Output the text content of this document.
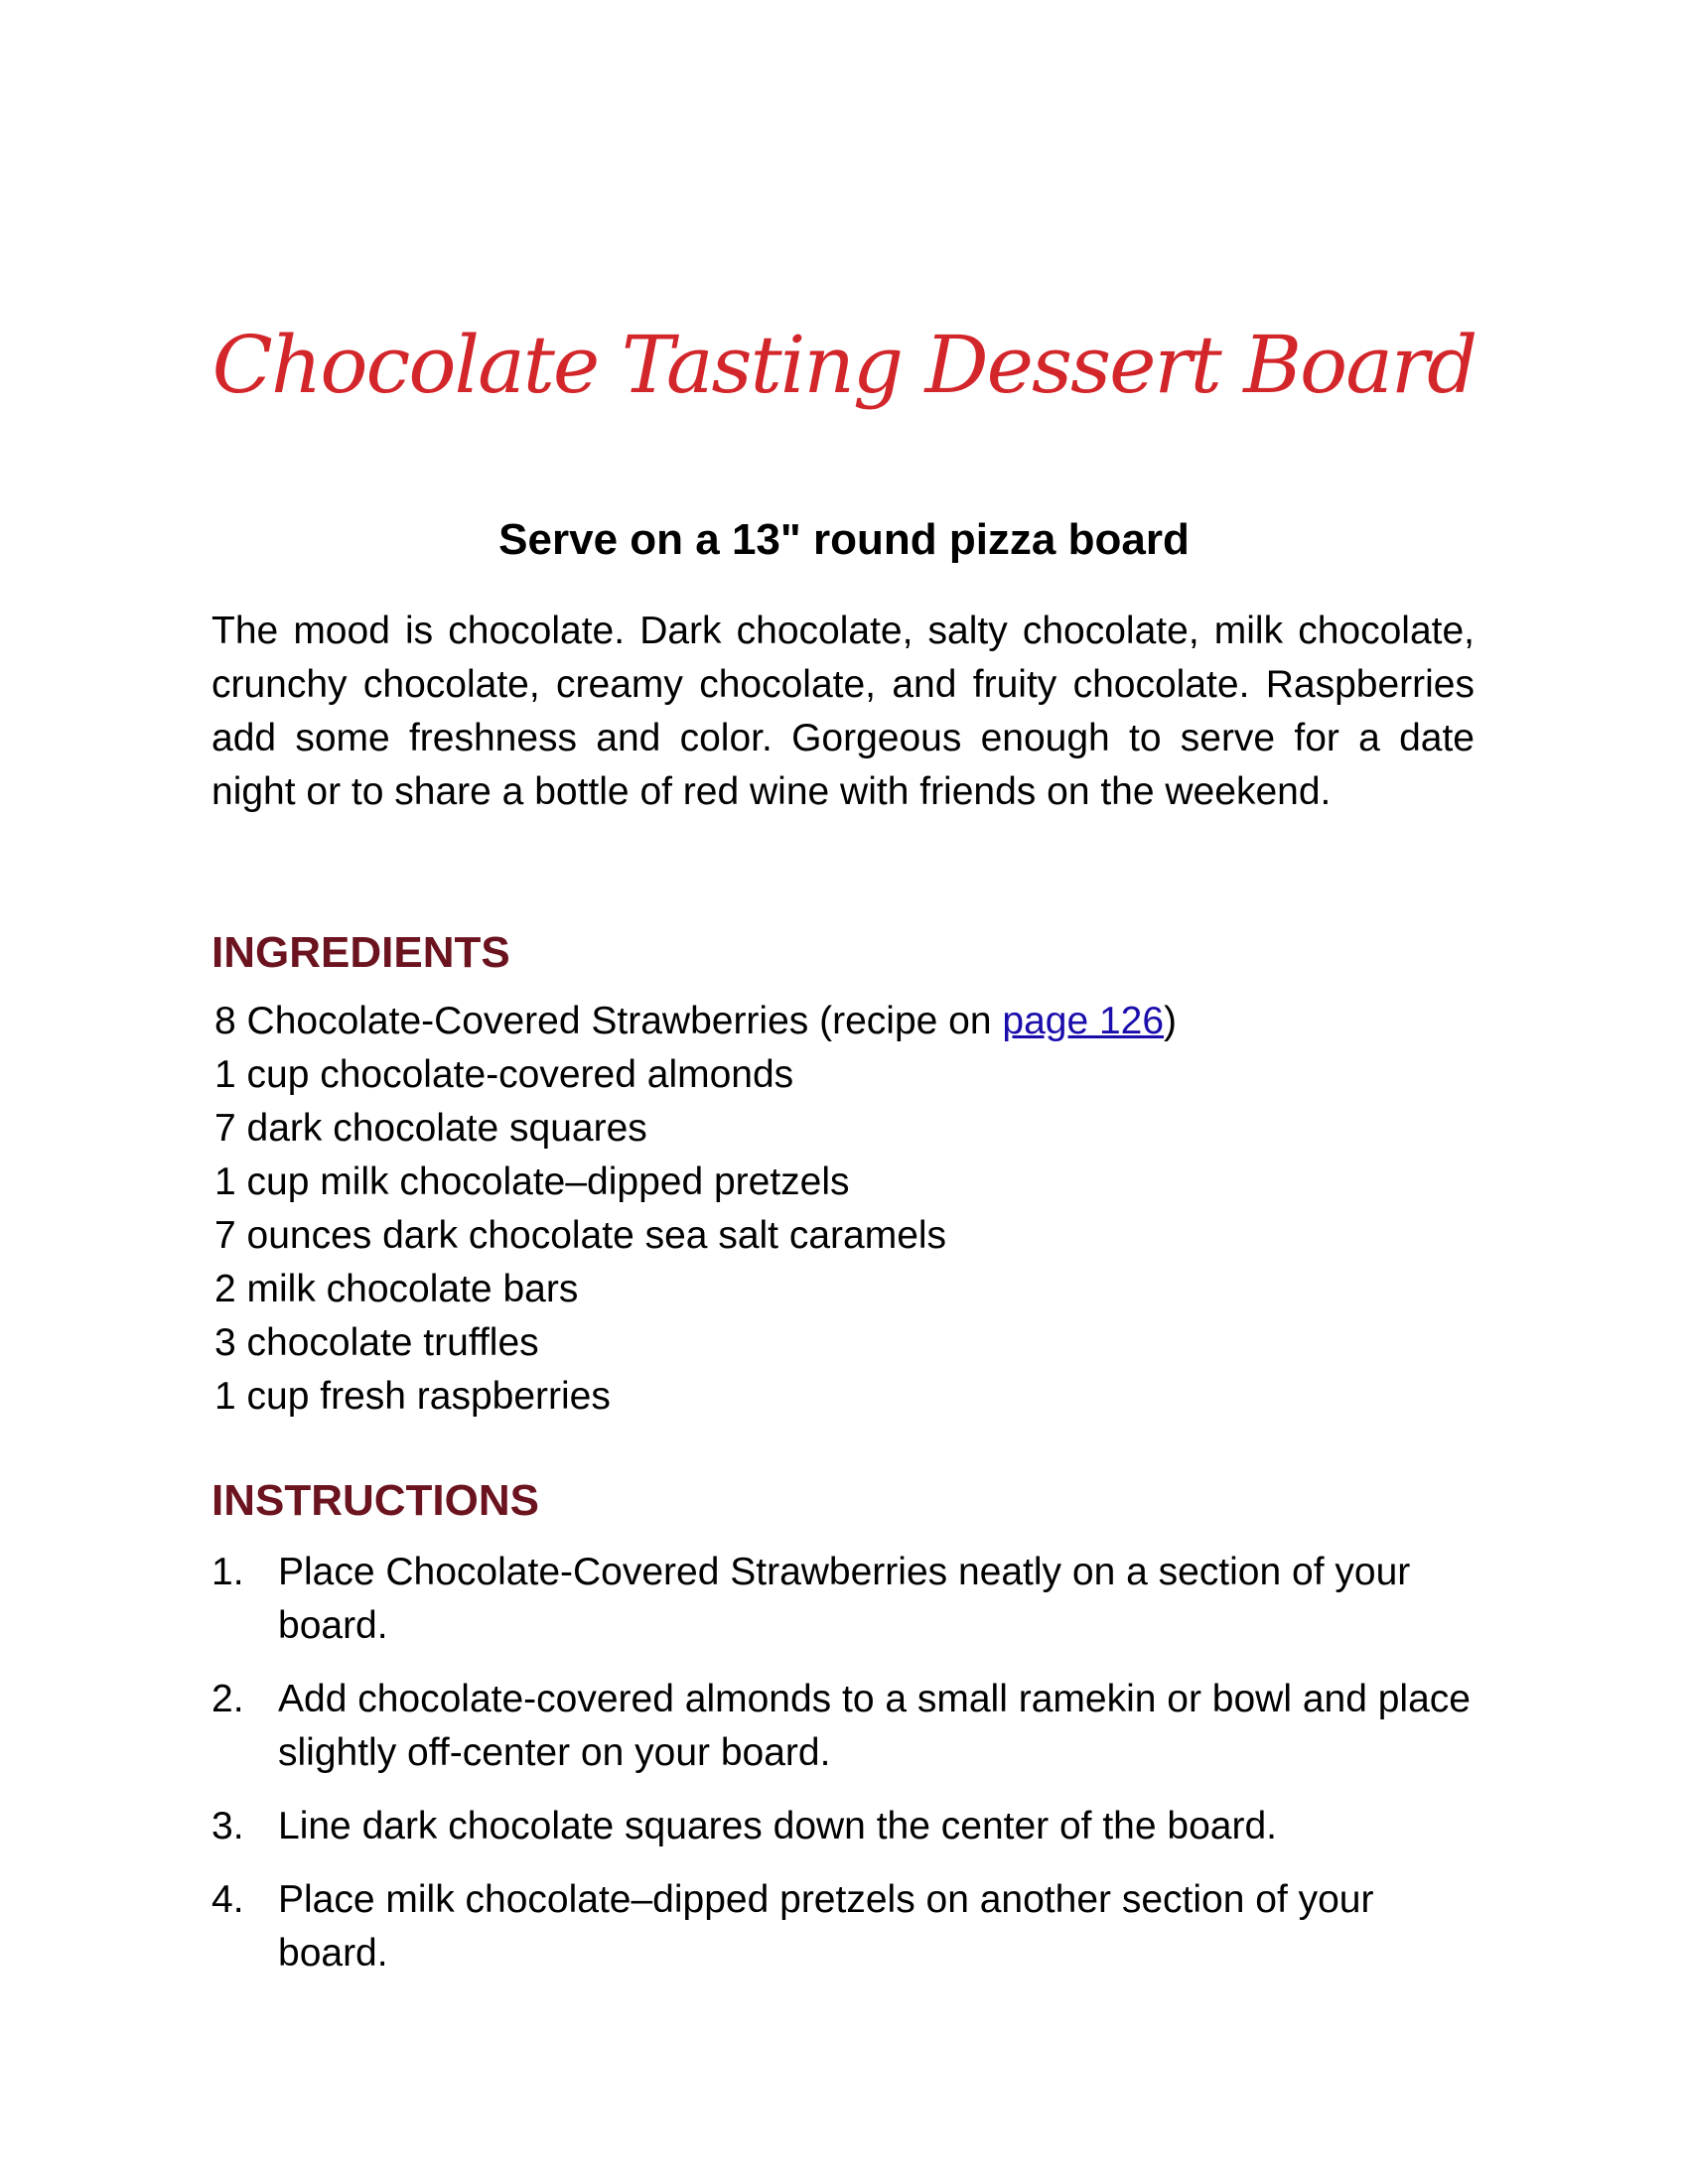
Chocolate Tasting Dessert Board
Serve on a 13" round pizza board

The mood is chocolate. Dark chocolate, salty chocolate, milk chocolate, crunchy chocolate, creamy chocolate, and fruity chocolate. Raspberries add some freshness and color. Gorgeous enough to serve for a date night or to share a bottle of red wine with friends on the weekend.

INGREDIENTS
8 Chocolate-Covered Strawberries (recipe on page 126)
1 cup chocolate-covered almonds
7 dark chocolate squares
1 cup milk chocolate–dipped pretzels
7 ounces dark chocolate sea salt caramels
2 milk chocolate bars
3 chocolate truffles
1 cup fresh raspberries
INSTRUCTIONS
1. Place Chocolate-Covered Strawberries neatly on a section of your board.
2. Add chocolate-covered almonds to a small ramekin or bowl and place slightly off-center on your board.
3. Line dark chocolate squares down the center of the board.
4. Place milk chocolate–dipped pretzels on another section of your board.
